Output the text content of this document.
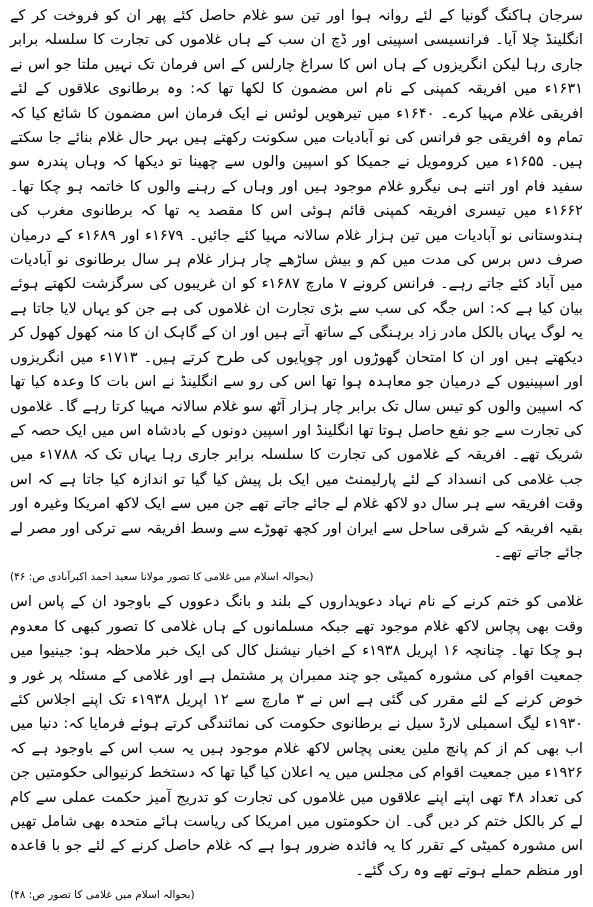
سرجان ہاکنگ گونیا کے لئے روانہ ہوا اور تین سو غلام حاصل کئے پھر ان کو فروخت کر کے انگلینڈ چلا آیا۔ فرانسیسی اسپینی اور ڈچ ان سب کے ہاں غلاموں کی تجارت کا سلسلہ برابر جاری رہا لیکن انگریزوں کے ہاں اس کا سراغ چارلس کے اس فرمان تک نہیں ملتا جو اس نے ۱۶۳۱ء میں افریقہ کمپنی کے نام اس مضمون کا لکھا تھا کہ: وہ برطانوی علاقوں کے لئے افریقی غلام مہیا کرے۔ ۱۶۴۰ء میں تیرھویں لوئس نے ایک فرمان اس مضمون کا شائع کیا کہ تمام وہ افریقی جو فرانس کی نو آبادیات میں سکونت رکھتے ہیں بہر حال غلام بنائے جا سکتے ہیں۔ ۱۶۵۵ء میں کرومویل نے جمیکا کو اسپین والوں سے چھینا تو دیکھا کہ وہاں پندرہ سو سفید فام اور اتنے ہی نیگرو غلام موجود ہیں اور وہاں کے رہنے والوں کا خاتمہ ہو چکا تھا۔ ۱۶۶۲ء میں تیسری افریقہ کمپنی قائم ہوئی اس کا مقصد یہ تھا کہ برطانوی مغرب کی ہندوستانی نو آبادیات میں تین ہزار غلام سالانہ مہیا کئے جائیں۔ ۱۶۷۹ء اور ۱۶۸۹ء کے درمیان صرف دس برس کی مدت میں کم و بیش ساڑھے چار ہزار غلام ہر سال برطانوی نو آبادیات میں آباد کئے جاتے رہے۔ فرانس کرونے ۷ مارچ ۱۶۸۷ء کو ان غریبوں کی سرگزشت لکھتے ہوئے بیان کیا ہے کہ: اس جگہ کی سب سے بڑی تجارت ان غلاموں کی ہے جن کو یہاں لایا جاتا ہے یہ لوگ یہاں بالکل مادر زاد برہنگی کے ساتھ آتے ہیں اور ان کے گاہک ان کا منہ کھول کھول کر دیکھتے ہیں اور ان کا امتحان گھوڑوں اور چوپایوں کی طرح کرتے ہیں۔ ۱۷۱۳ء میں انگریزوں اور اسپینیوں کے درمیان جو معاہدہ ہوا تھا اس کی رو سے انگلینڈ نے اس بات کا وعدہ کیا تھا کہ اسپین والوں کو تیس سال تک برابر چار ہزار آٹھ سو غلام سالانہ مہیا کرتا رہے گا۔ غلاموں کی تجارت سے جو نفع حاصل ہوتا تھا انگلینڈ اور اسپین دونوں کے بادشاہ اس میں ایک حصہ کے شریک تھے۔ افریقہ کے غلاموں کی تجارت کا سلسلہ برابر جاری رہا یہاں تک کہ ۱۷۸۸ء میں جب غلامی کی انسداد کے لئے پارلیمنٹ میں ایک بل پیش کیا گیا تو اندازہ کیا جاتا ہے کہ اس وقت افریقہ سے ہر سال دو لاکھ غلام لے جائے جاتے تھے جن میں سے ایک لاکھ امریکا وغیرہ اور بقیہ افریقہ کے شرقی ساحل سے ایران اور کچھ تھوڑے سے وسط افریقہ سے ترکی اور مصر لے جائے جاتے تھے۔

(بحوالہ اسلام میں غلامی کا تصور مولانا سعید احمد اکبرآبادی ص: ۴۶)

غلامی کو ختم کرنے کے نام نہاد دعویداروں کے بلند و بانگ دعووں کے باوجود ان کے پاس اس وقت بھی پچاس لاکھ غلام موجود تھے جبکہ مسلمانوں کے ہاں غلامی کا تصور کبھی کا معدوم ہو چکا تھا۔ چنانچہ ۱۶ اپریل ۱۹۳۸ء کے اخبار نیشنل کال کی ایک خبر ملاحظہ ہو: جینیوا میں جمعیت اقوام کی مشورہ کمیٹی جو چند ممبران پر مشتمل ہے اور غلامی کے مسئلہ پر غور و خوض کرنے کے لئے مقرر کی گئی ہے اس نے ۳ مارچ سے ۱۲ اپریل ۱۹۳۸ء تک اپنے اجلاس کئے ۱۹۳۰ء لیگ اسمبلی لارڈ سیل نے برطانوی حکومت کی نمائندگی کرتے ہوئے فرمایا کہ: دنیا میں اب بھی کم از کم پانچ ملین یعنی پچاس لاکھ غلام موجود ہیں یہ سب اس کے باوجود ہے کہ ۱۹۲۶ء میں جمعیت اقوام کی مجلس میں یہ اعلان کیا گیا تھا کہ دستخط کرنیوالی حکومتیں جن کی تعداد ۴۸ تھی اپنے اپنے علاقوں میں غلاموں کی تجارت کو تدریج آمیز حکمت عملی سے کام لے کر بالکل ختم کر دیں گی۔ ان حکومتوں میں امریکا کی ریاست ہائے متحدہ بھی شامل تھیں اس مشورہ کمیٹی کے تقرر کا یہ فائدہ ضرور ہوا ہے کہ غلام حاصل کرنے کے لئے جو با قاعدہ اور منظم حملے ہوتے تھے وہ رک گئے۔

(بحوالہ اسلام میں غلامی کا تصور ص: ۴۸)
